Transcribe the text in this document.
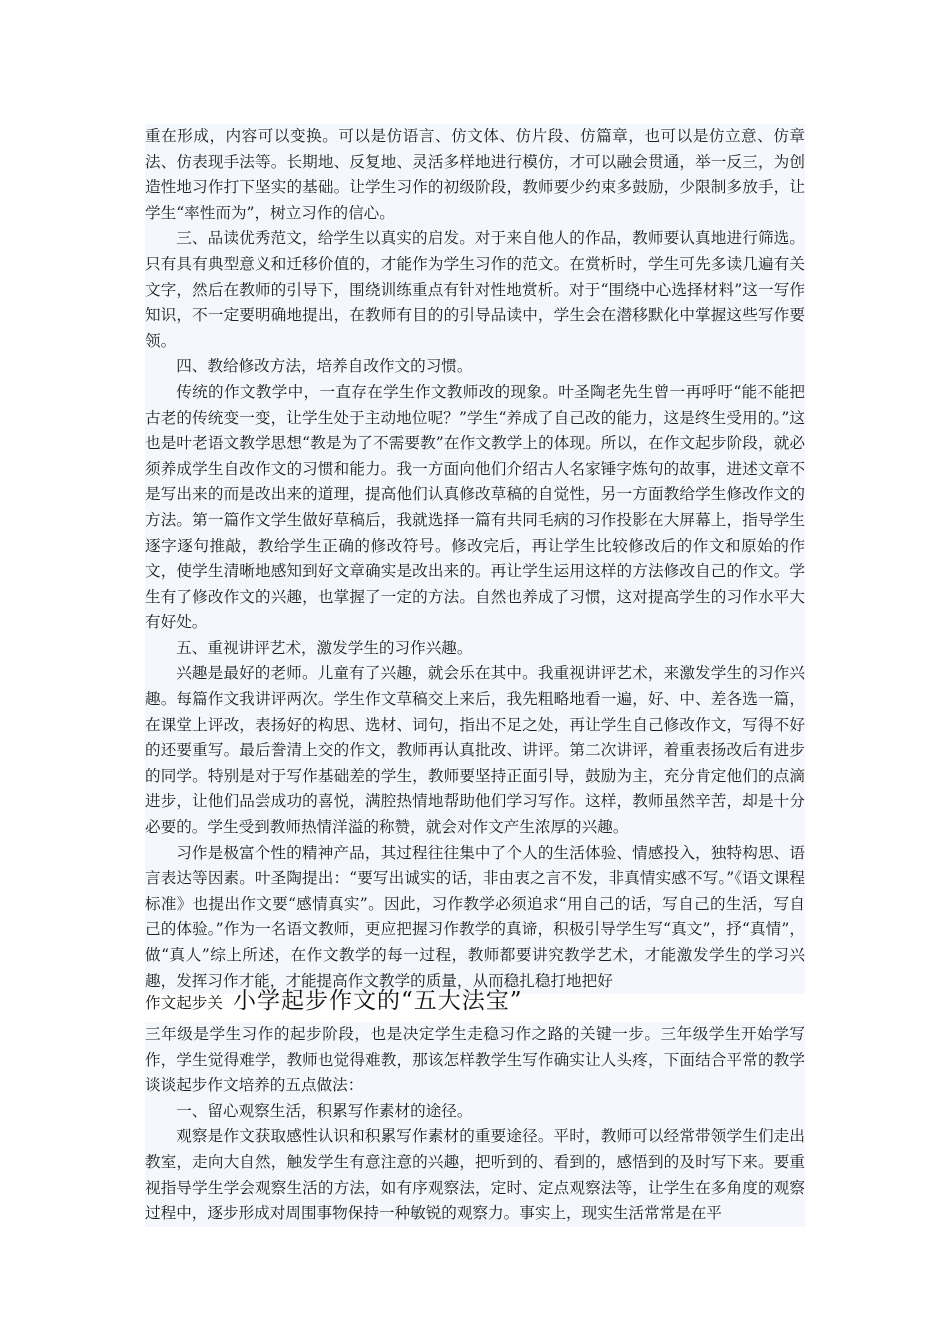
重在形成，内容可以变换。可以是仿语言、仿文体、仿片段、仿篇章，也可以是仿立意、仿章法、仿表现手法等。长期地、反复地、灵活多样地进行模仿，才可以融会贯通，举一反三，为创造性地习作打下坚实的基础。让学生习作的初级阶段，教师要少约束多鼓励，少限制多放手，让学生“率性而为”，树立习作的信心。

三、品读优秀范文，给学生以真实的启发。对于来自他人的作品，教师要认真地进行筛选。只有具有典型意义和迁移价值的，才能作为学生习作的范文。在赏析时，学生可先多读几遍有关文字，然后在教师的引导下，围绕训练重点有针对性地赏析。对于“围绕中心选择材料”这一写作知识，不一定要明确地提出，在教师有目的的引导品读中，学生会在潜移默化中掌握这些写作要领。

四、教给修改方法，培养自改作文的习惯。

传统的作文教学中，一直存在学生作文教师改的现象。叶圣陶老先生曾一再呼吁“能不能把古老的传统变一变，让学生处于主动地位呢？”学生“养成了自己改的能力，这是终生受用的。”这也是叶老语文教学思想“教是为了不需要教”在作文教学上的体现。所以，在作文起步阶段，就必须养成学生自改作文的习惯和能力。我一方面向他们介绍古人名家锤字炼句的故事，进述文章不是写出来的而是改出来的道理，提高他们认真修改草稿的自觉性，另一方面教给学生修改作文的方法。第一篇作文学生做好草稿后，我就选择一篇有共同毛病的习作投影在大屏幕上，指导学生逐字逐句推敲，教给学生正确的修改符号。修改完后，再让学生比较修改后的作文和原始的作文，使学生清晰地感知到好文章确实是改出来的。再让学生运用这样的方法修改自己的作文。学生有了修改作文的兴趣，也掌握了一定的方法。自然也养成了习惯，这对提高学生的习作水平大有好处。

五、重视讲评艺术，激发学生的习作兴趣。

兴趣是最好的老师。儿童有了兴趣，就会乐在其中。我重视讲评艺术，来激发学生的习作兴趣。每篇作文我讲评两次。学生作文草稿交上来后，我先粗略地看一遍，好、中、差各选一篇，在课堂上评改，表扬好的构思、选材、词句，指出不足之处，再让学生自己修改作文，写得不好的还要重写。最后誊清上交的作文，教师再认真批改、讲评。第二次讲评，着重表扬改后有进步的同学。特别是对于写作基础差的学生，教师要坚持正面引导，鼓励为主，充分肯定他们的点滴进步，让他们品尝成功的喜悦，满腔热情地帮助他们学习写作。这样，教师虽然辛苦，却是十分必要的。学生受到教师热情洋溢的称赞，就会对作文产生浓厚的兴趣。

习作是极富个性的精神产品，其过程往往集中了个人的生活体验、情感投入，独特构思、语言表达等因素。叶圣陶提出：“要写出诚实的话，非由衷之言不发，非真情实感不写。”《语文课程标准》也提出作文要“感情真实”。因此，习作教学必须追求“用自己的话，写自己的生活，写自己的体验。”作为一名语文教师，更应把握习作教学的真谛，积极引导学生写“真文”，抒“真情”，做“真人”综上所述，在作文教学的每一过程，教师都要讲究教学艺术，才能激发学生的学习兴趣，发挥习作才能，才能提高作文教学的质量，从而稳扎稳打地把好

作文起步关 小学起步作文的“五大法宝”

三年级是学生习作的起步阶段，也是决定学生走稳习作之路的关键一步。三年级学生开始学写作，学生觉得难学，教师也觉得难教，那该怎样教学生写作确实让人头疼，下面结合平常的教学谈谈起步作文培养的五点做法：

一、留心观察生活，积累写作素材的途径。

观察是作文获取感性认识和积累写作素材的重要途径。平时，教师可以经常带领学生们走出教室，走向大自然，触发学生有意注意的兴趣，把听到的、看到的，感悟到的及时写下来。要重视指导学生学会观察生活的方法，如有序观察法，定时、定点观察法等，让学生在多角度的观察过程中，逐步形成对周围事物保持一种敏锐的观察力。事实上，现实生活常常是在平
